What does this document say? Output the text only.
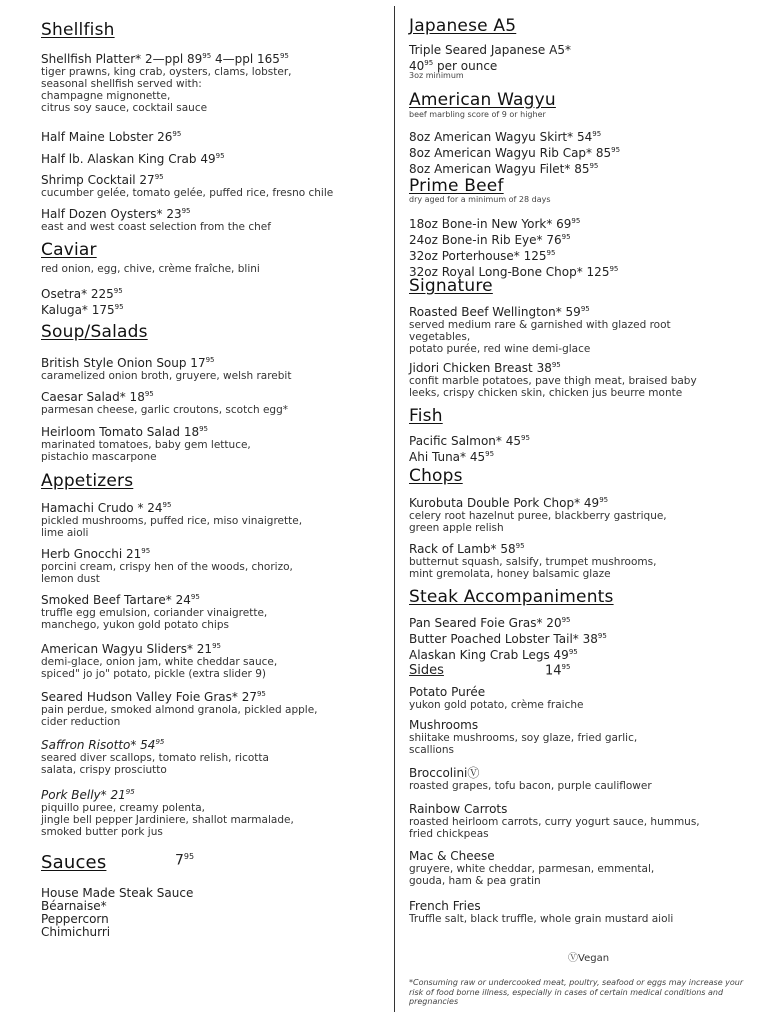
Shellfish
Shellfish Platter* 2—ppl $89^{95}$ 4—ppl $165^{95}$
tiger prawns, king crab, oysters, clams, lobster,
seasonal shellfish served with:
champagne mignonette,
citrus soy sauce, cocktail sauce
Half Maine Lobster $26^{95}$
Half lb. Alaskan King Crab $49^{95}$
Shrimp Cocktail $27^{95}$
cucumber gelée, tomato gelée, puffed rice, fresno chile
Half Dozen Oysters* $23^{95}$
east and west coast selection from the chef
Caviar
red onion, egg, chive, crème fraîche, blini
Osetra* $225^{95}$
Kaluga* $175^{95}$
Soup/Salads
British Style Onion Soup $17^{95}$
caramelized onion broth, gruyere, welsh rarebit
Caesar Salad* $18^{95}$
parmesan cheese, garlic croutons, scotch egg*
Heirloom Tomato Salad $18^{95}$
marinated tomatoes, baby gem lettuce,
pistachio mascarpone
Appetizers
Hamachi Crudo * $24^{95}$
pickled mushrooms, puffed rice, miso vinaigrette,
lime aioli
Herb Gnocchi $21^{95}$
porcini cream, crispy hen of the woods, chorizo,
lemon dust
Smoked Beef Tartare* $24^{95}$
truffle egg emulsion, coriander vinaigrette,
manchego, yukon gold potato chips
American Wagyu Sliders* $21^{95}$
demi-glace, onion jam, white cheddar sauce,
spiced" jo jo" potato, pickle (extra slider 9)
Seared Hudson Valley Foie Gras* $27^{95}$
pain perdue, smoked almond granola, pickled apple,
cider reduction
Saffron Risotto* $54^{95}$
seared diver scallops, tomato relish, ricotta
salata, crispy prosciutto
Pork Belly* $21^{95}$
piquillo puree, creamy polenta,
jingle bell pepper Jardiniere, shallot marmalade,
smoked butter pork jus
Sauces	$7^{95}$
House Made Steak Sauce
Béarnaise*
Peppercorn
Chimichurri
Japanese A5
Triple Seared Japanese A5*
$40^{95}$ per ounce
3oz minimum
American Wagyu
beef marbling score of 9 or higher
8oz American Wagyu Skirt* $54^{95}$
8oz American Wagyu Rib Cap* $85^{95}$
8oz American Wagyu Filet* $85^{95}$
Prime Beef
dry aged for a minimum of 28 days
18oz Bone-in New York* $69^{95}$
24oz Bone-in Rib Eye* $76^{95}$
32oz Porterhouse* $125^{95}$
32oz Royal Long-Bone Chop* $125^{95}$
Signature
Roasted Beef Wellington* $59^{95}$
served medium rare & garnished with glazed root
vegetables,
potato purée, red wine demi-glace
Jidori Chicken Breast $38^{95}$
confit marble potatoes, pave thigh meat, braised baby
leeks, crispy chicken skin, chicken jus beurre monte
Fish
Pacific Salmon* $45^{95}$
Ahi Tuna* $45^{95}$
Chops
Kurobuta Double Pork Chop* $49^{95}$
celery root hazelnut puree, blackberry gastrique,
green apple relish
Rack of Lamb* $58^{95}$
butternut squash, salsify, trumpet mushrooms,
mint gremolata, honey balsamic glaze
Steak Accompaniments
Pan Seared Foie Gras* $20^{95}$
Butter Poached Lobster Tail* $38^{95}$
Alaskan King Crab Legs $49^{95}$
Sides	$14^{95}$
Potato Purée
yukon gold potato, crème fraiche
Mushrooms
shiitake mushrooms, soy glaze, fried garlic,
scallions
BroccoliniⓋ
roasted grapes, tofu bacon, purple cauliflower
Rainbow Carrots
roasted heirloom carrots, curry yogurt sauce, hummus,
fried chickpeas
Mac & Cheese
gruyere, white cheddar, parmesan, emmental,
gouda, ham & pea gratin
French Fries
Truffle salt, black truffle, whole grain mustard aioli
ⓋVegan
*Consuming raw or undercooked meat, poultry, seafood or eggs may increase your risk of food borne illness, especially in cases of certain medical conditions and pregnancies
